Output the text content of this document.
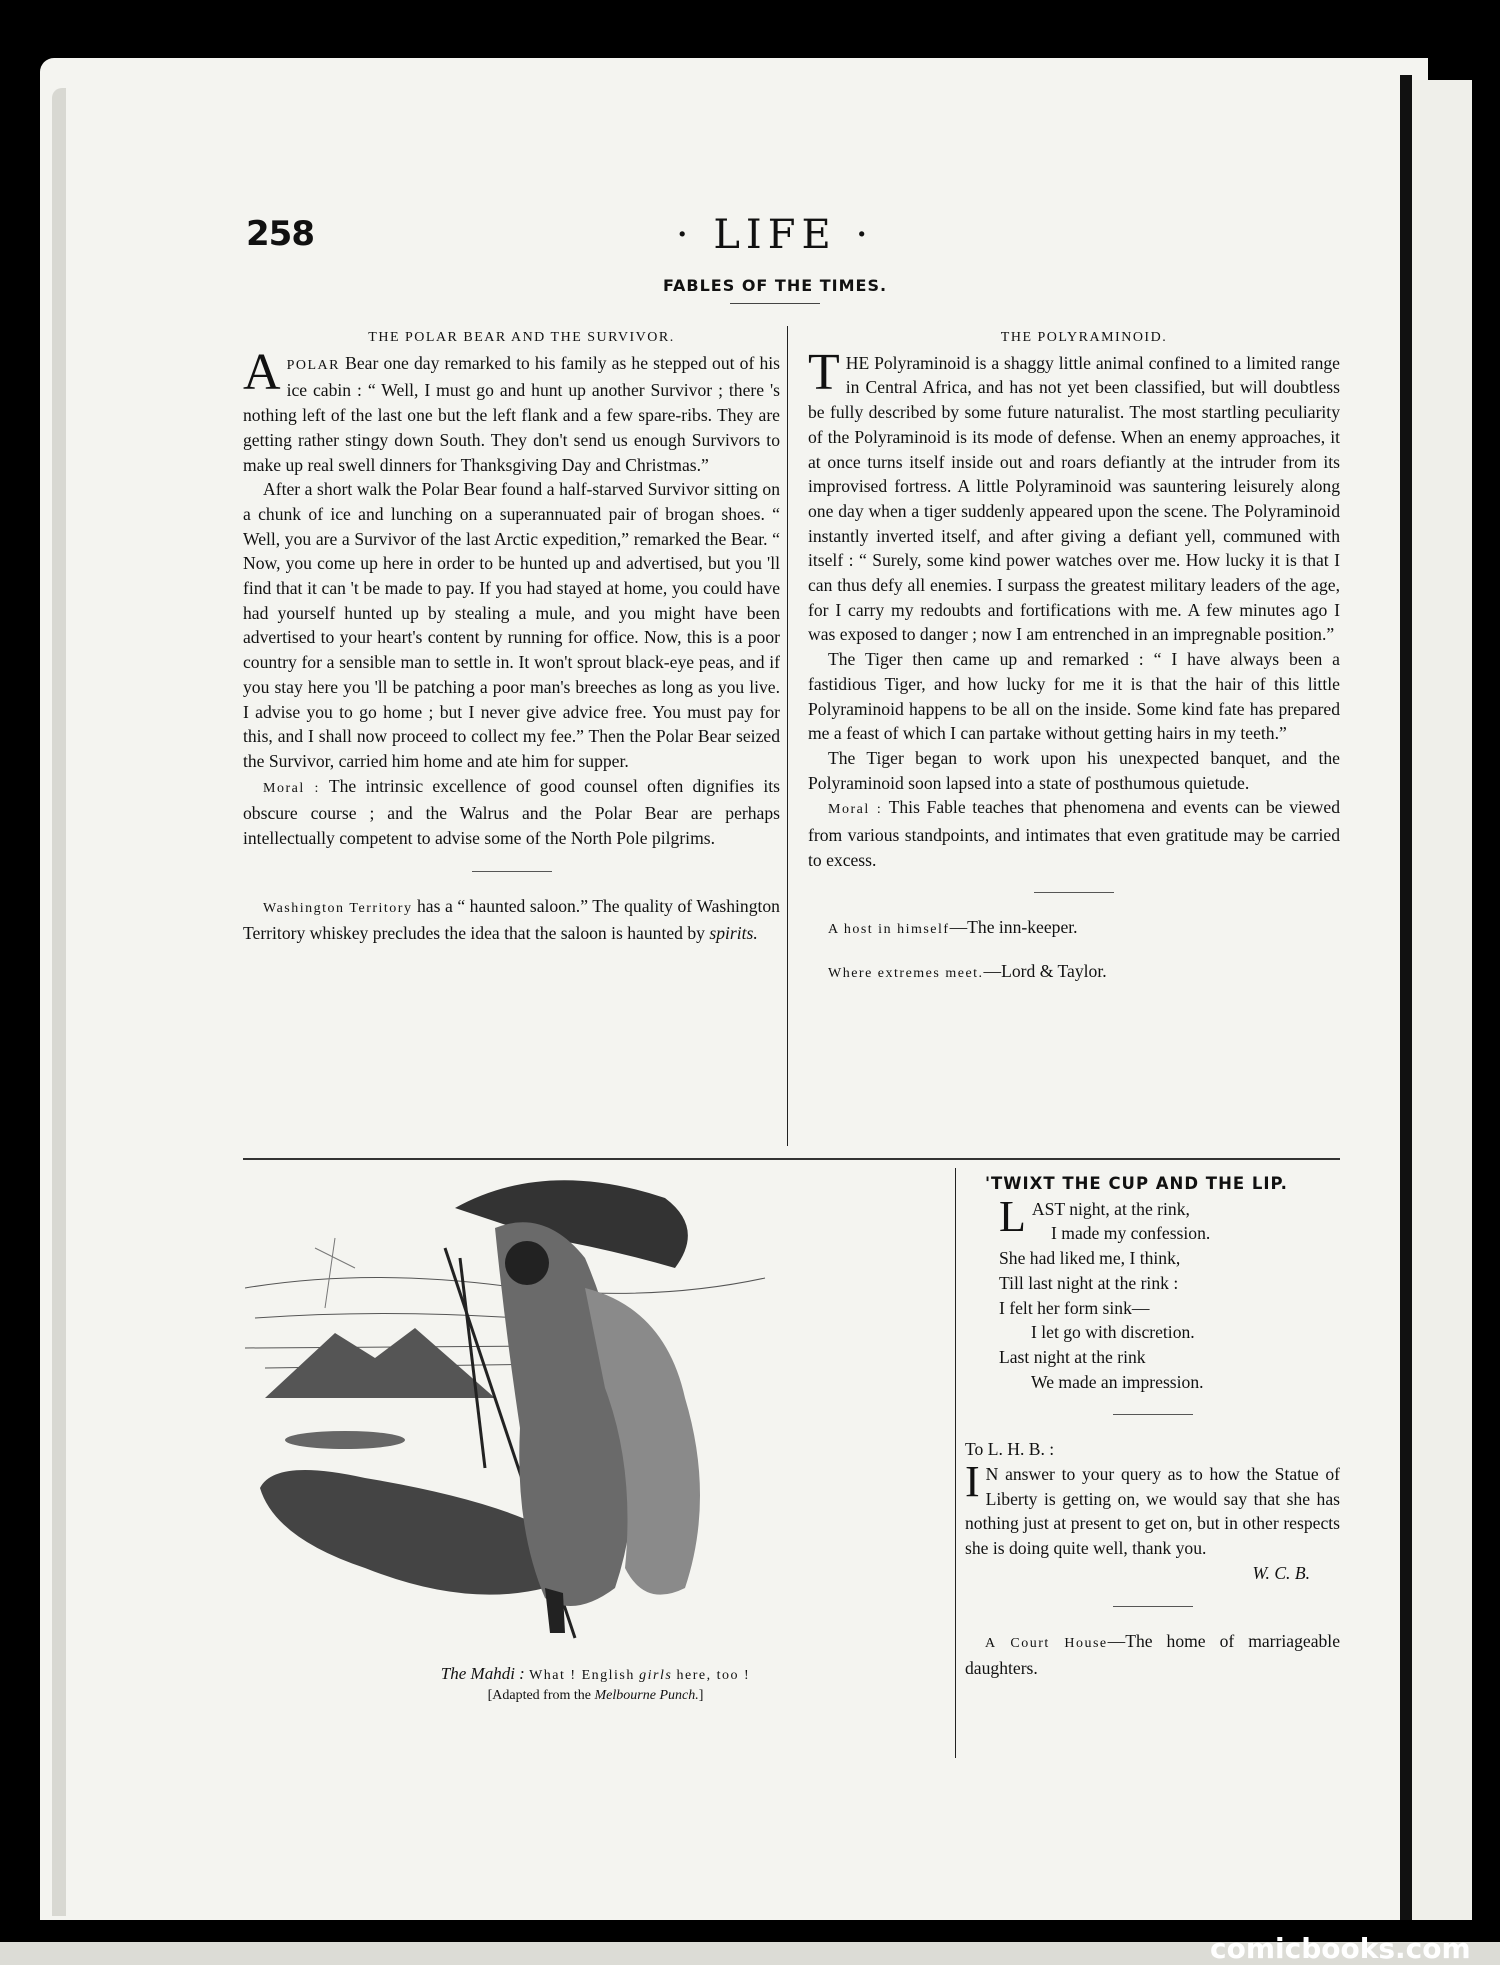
258	· LIFE ·
FABLES OF THE TIMES.

THE POLAR BEAR AND THE SURVIVOR.

APOLAR Bear one day remarked to his family as he stepped out of his ice cabin : “ Well, I must go and hunt up another Survivor ; there 's nothing left of the last one but the left flank and a few spare-ribs. They are getting rather stingy down South. They don't send us enough Survivors to make up real swell dinners for Thanksgiving Day and Christmas.”

After a short walk the Polar Bear found a half-starved Survivor sitting on a chunk of ice and lunching on a superannuated pair of brogan shoes. “ Well, you are a Survivor of the last Arctic expedition,” remarked the Bear. “ Now, you come up here in order to be hunted up and advertised, but you 'll find that it can 't be made to pay. If you had stayed at home, you could have had yourself hunted up by stealing a mule, and you might have been advertised to your heart's content by running for office. Now, this is a poor country for a sensible man to settle in. It won't sprout black-eye peas, and if you stay here you 'll be patching a poor man's breeches as long as you live. I advise you to go home ; but I never give advice free. You must pay for this, and I shall now proceed to collect my fee.” Then the Polar Bear seized the Survivor, carried him home and ate him for supper.

Moral : The intrinsic excellence of good counsel often dignifies its obscure course ; and the Walrus and the Polar Bear are perhaps intellectually competent to advise some of the North Pole pilgrims.

Washington Territory has a “ haunted saloon.” The quality of Washington Territory whiskey precludes the idea that the saloon is haunted by spirits.

THE POLYRAMINOID.

THE Polyraminoid is a shaggy little animal confined to a limited range in Central Africa, and has not yet been classified, but will doubtless be fully described by some future naturalist. The most startling peculiarity of the Polyraminoid is its mode of defense. When an enemy approaches, it at once turns itself inside out and roars defiantly at the intruder from its improvised fortress. A little Polyraminoid was sauntering leisurely along one day when a tiger suddenly appeared upon the scene. The Polyraminoid instantly inverted itself, and after giving a defiant yell, communed with itself : “ Surely, some kind power watches over me. How lucky it is that I can thus defy all enemies. I surpass the greatest military leaders of the age, for I carry my redoubts and fortifications with me. A few minutes ago I was exposed to danger ; now I am entrenched in an impregnable position.”

The Tiger then came up and remarked : “ I have always been a fastidious Tiger, and how lucky for me it is that the hair of this little Polyraminoid happens to be all on the inside. Some kind fate has prepared me a feast of which I can partake without getting hairs in my teeth.”

The Tiger began to work upon his unexpected banquet, and the Polyraminoid soon lapsed into a state of posthumous quietude.

Moral : This Fable teaches that phenomena and events can be viewed from various standpoints, and intimates that even gratitude may be carried to excess.

A host in himself—The inn-keeper.

Where extremes meet.—Lord & Taylor.

The Mahdi : What ! English girls here, too !
[Adapted from the Melbourne Punch.]

'TWIXT THE CUP AND THE LIP.

LAST night, at the rink,
I made my confession.
She had liked me, I think,
Till last night at the rink :
I felt her form sink—
I let go with discretion.
Last night at the rink
We made an impression.

To L. H. B. :

I N answer to your query as to how the Statue of Liberty is getting on, we would say that she has nothing just at present to get on, but in other respects she is doing quite well, thank you.

W. C. B.

A Court House—The home of marriageable daughters.

comicbooks.com
